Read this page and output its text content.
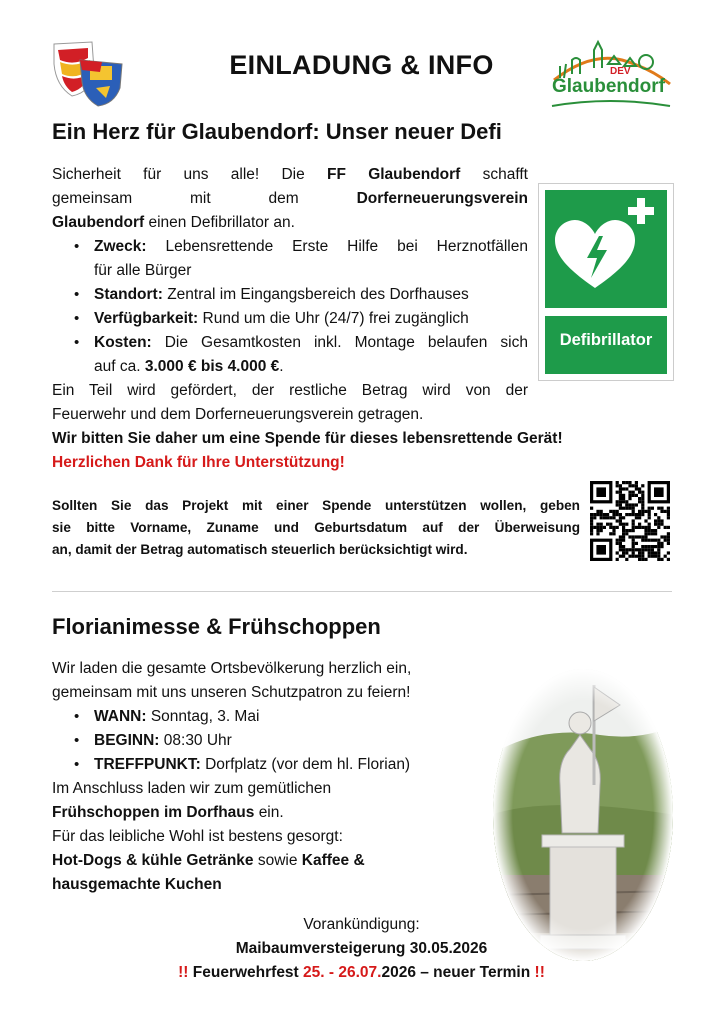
EINLADUNG & INFO	DEV
Glaubendorf
Ein Herz für Glaubendorf: Unser neuer Defi
Sicherheit für uns alle! Die FF Glaubendorf schafft
gemeinsam	mit	dem	Dorferneuerungsverein
Glaubendorf einen Defibrillator an.
• Zweck: Lebensrettende Erste Hilfe bei Herznotfällen
für alle Bürger
• Standort: Zentral im Eingangsbereich des Dorfhauses
• Verfügbarkeit: Rund um die Uhr (24/7) frei zugänglich
• Kosten: Die Gesamtkosten inkl. Montage belaufen sich
auf ca. 3.000 € bis 4.000 €.
Ein Teil wird gefördert, der restliche Betrag wird von der
Feuerwehr und dem Dorferneuerungsverein getragen.
Wir bitten Sie daher um eine Spende für dieses lebensrettende Gerät!
Herzlichen Dank für Ihre Unterstützung!
Defibrillator
Sollten Sie das Projekt mit einer Spende unterstützen wollen, geben
sie bitte Vorname, Zuname und Geburtsdatum auf der Überweisung
an, damit der Betrag automatisch steuerlich berücksichtigt wird.
Florianimesse & Frühschoppen
Wir laden die gesamte Ortsbevölkerung herzlich ein,
gemeinsam mit uns unseren Schutzpatron zu feiern!
• WANN: Sonntag, 3. Mai
• BEGINN: 08:30 Uhr
• TREFFPUNKT: Dorfplatz (vor dem hl. Florian)
Im Anschluss laden wir zum gemütlichen
Frühschoppen im Dorfhaus ein.
Für das leibliche Wohl ist bestens gesorgt:
Hot-Dogs & kühle Getränke sowie Kaffee &
hausgemachte Kuchen
Vorankündigung:
Maibaumversteigerung 30.05.2026
!! Feuerwehrfest 25. - 26.07.2026 – neuer Termin !!
